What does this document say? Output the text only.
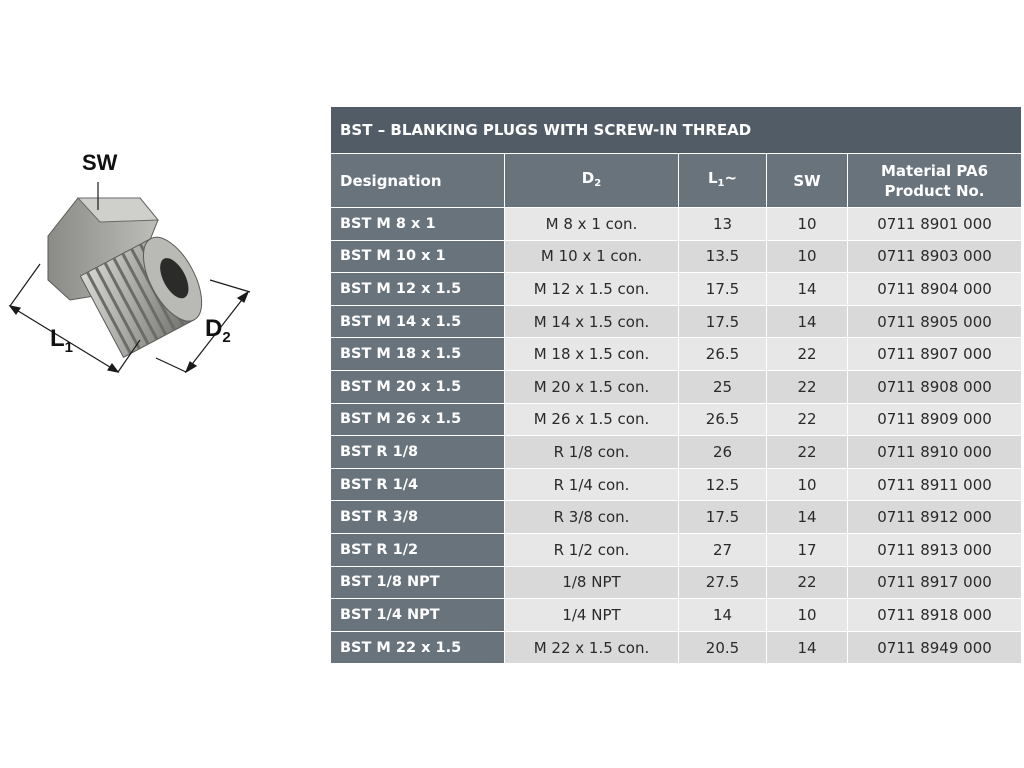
SW
$L_1$
$D_2$
BST – BLANKING PLUGS WITH SCREW-IN THREAD				
Designation	$D_2$	$L_1\sim$	SW	Material PA6
Product No.
BST M 8 x 1	M 8 x 1 con.	13	10	0711 8901 000
BST M 10 x 1	M 10 x 1 con.	13.5	10	0711 8903 000
BST M 12 x 1.5	M 12 x 1.5 con.	17.5	14	0711 8904 000
BST M 14 x 1.5	M 14 x 1.5 con.	17.5	14	0711 8905 000
BST M 18 x 1.5	M 18 x 1.5 con.	26.5	22	0711 8907 000
BST M 20 x 1.5	M 20 x 1.5 con.	25	22	0711 8908 000
BST M 26 x 1.5	M 26 x 1.5 con.	26.5	22	0711 8909 000
BST R 1/8	R 1/8 con.	26	22	0711 8910 000
BST R 1/4	R 1/4 con.	12.5	10	0711 8911 000
BST R 3/8	R 3/8 con.	17.5	14	0711 8912 000
BST R 1/2	R 1/2 con.	27	17	0711 8913 000
BST 1/8 NPT	1/8 NPT	27.5	22	0711 8917 000
BST 1/4 NPT	1/4 NPT	14	10	0711 8918 000
BST M 22 x 1.5	M 22 x 1.5 con.	20.5	14	0711 8949 000
